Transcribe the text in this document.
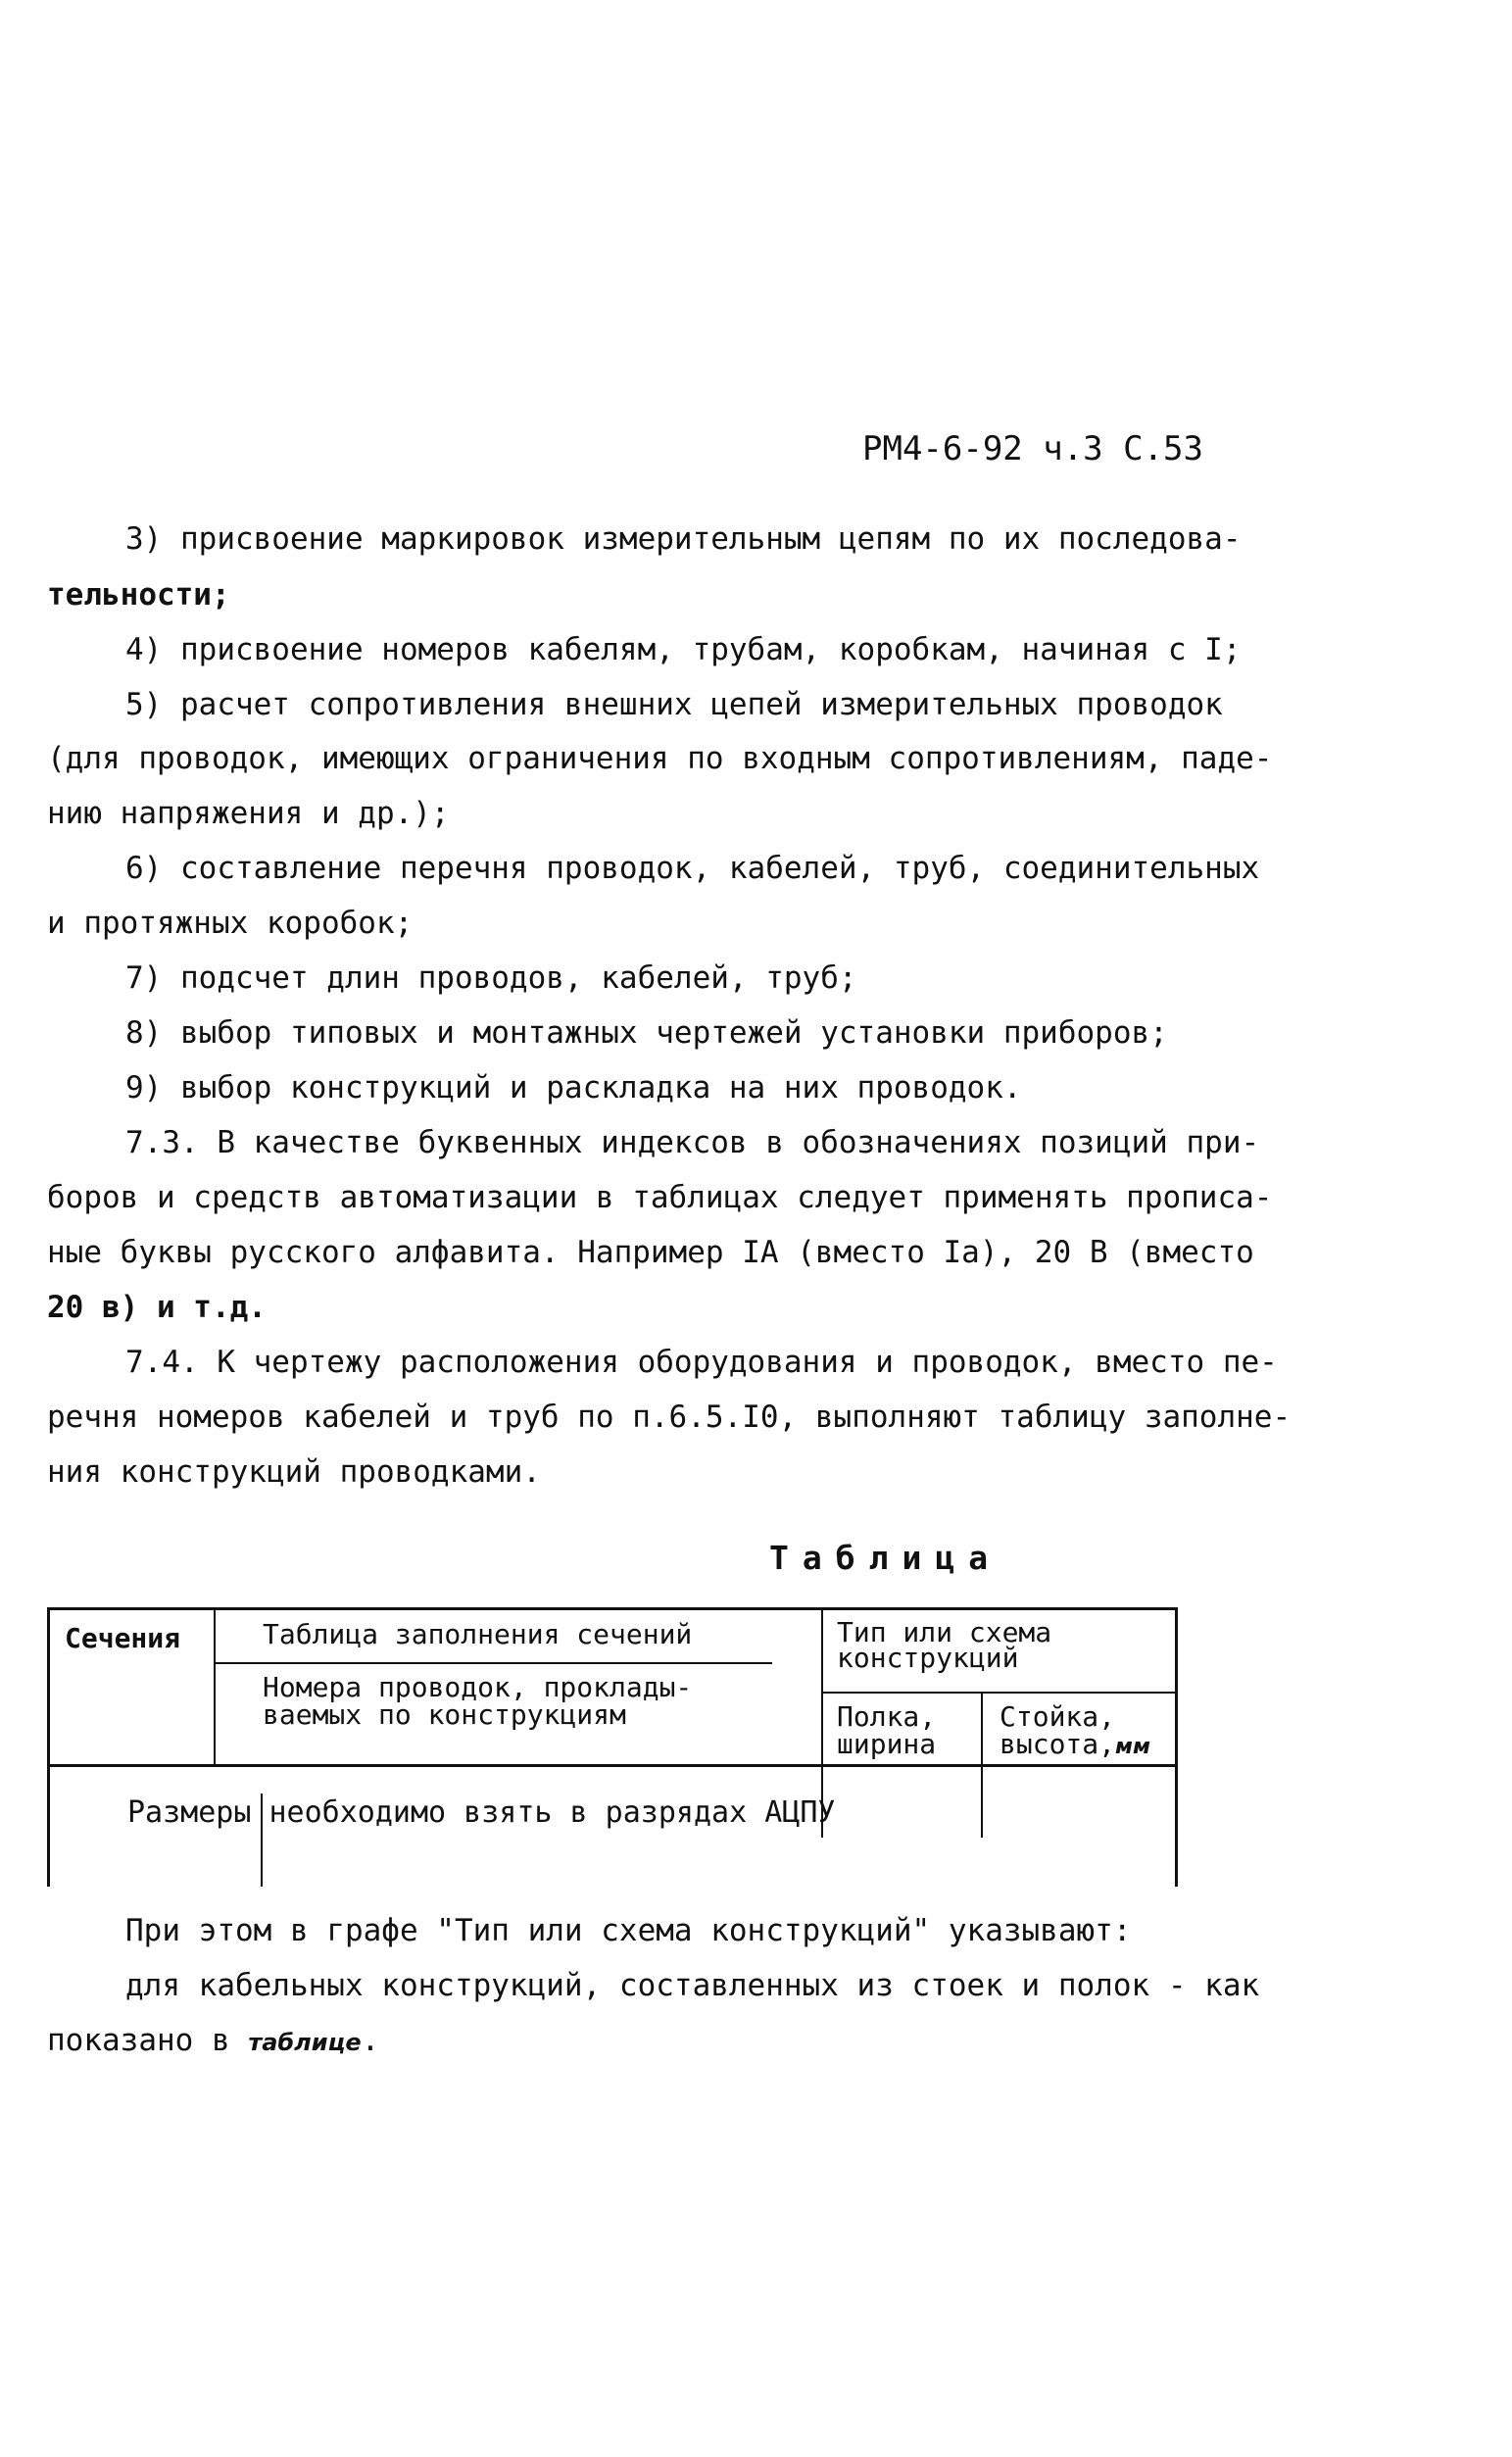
РМ4-6-92 ч.3 С.53
3) присвоение маркировок измерительным цепям по их последова-
тельности;
4) присвоение номеров кабелям, трубам, коробкам, начиная с I;
5) расчет сопротивления внешних цепей измерительных проводок
(для проводок, имеющих ограничения по входным сопротивлениям, паде-
нию напряжения и др.);
6) составление перечня проводок, кабелей, труб, соединительных
и протяжных коробок;
7) подсчет длин проводов, кабелей, труб;
8) выбор типовых и монтажных чертежей установки приборов;
9) выбор конструкций и раскладка на них проводок.
7.3. В качестве буквенных индексов в обозначениях позиций при-
боров и средств автоматизации в таблицах следует применять прописа-
ные буквы русского алфавита. Например IА (вместо Iа), 20 В (вместо
20 в) и т.д.
7.4. К чертежу расположения оборудования и проводок, вместо пе-
речня номеров кабелей и труб по п.6.5.I0, выполняют таблицу заполне-
ния конструкций проводками.
Таблица
Сечения	Таблица заполнения сечений
Номера проводок, проклады-
ваемых по конструкциям
Тип или схема
конструкций
Полка,
ширина
Стойка,
высота,мм
Размеры необходимо взять в разрядах АЦПУ
При этом в графе "Тип или схема конструкций" указывают:
для кабельных конструкций, составленных из стоек и полок - как
показано в таблице.
